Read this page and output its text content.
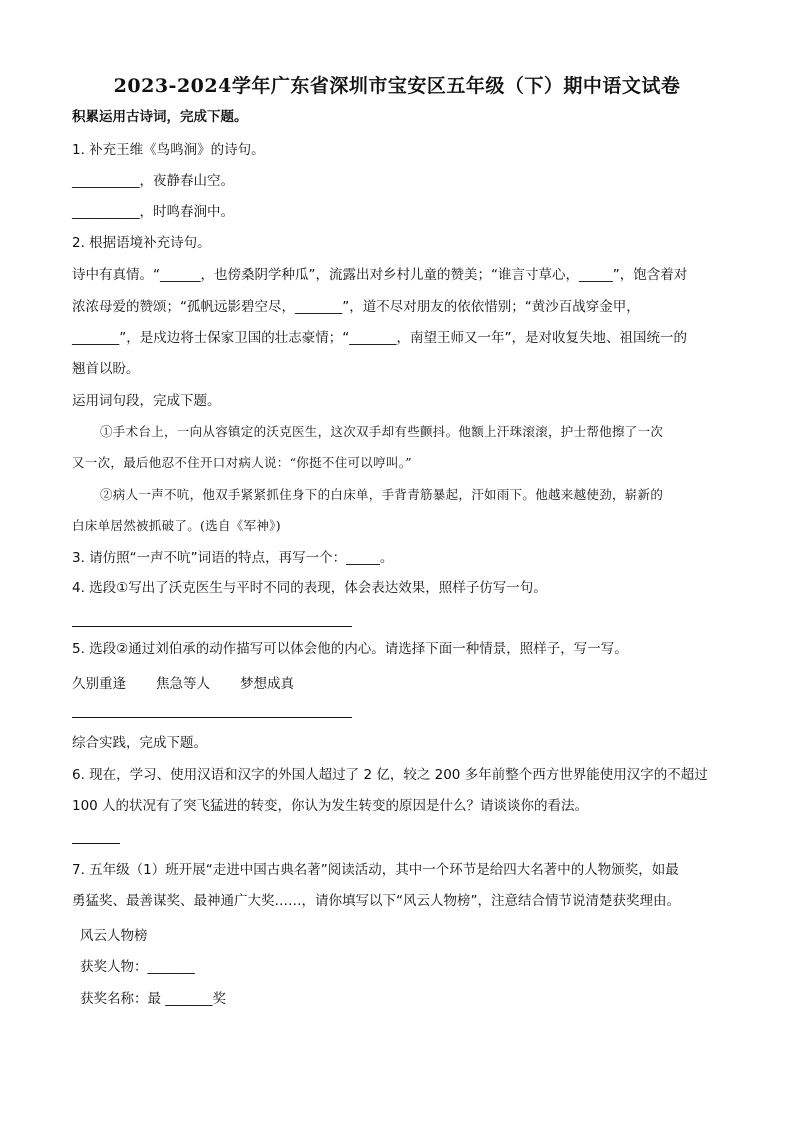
2023-2024学年广东省深圳市宝安区五年级（下）期中语文试卷
积累运用古诗词，完成下题。
1. 补充王维《鸟鸣涧》的诗句。
__________，夜静春山空。
__________，时鸣春涧中。
2. 根据语境补充诗句。
诗中有真情。“______，也傍桑阴学种瓜”，流露出对乡村儿童的赞美；“谁言寸草心，_____”，饱含着对
浓浓母爱的赞颂；“孤帆远影碧空尽，_______”，道不尽对朋友的依依惜别；“黄沙百战穿金甲，
_______”，是戍边将士保家卫国的壮志豪情；“_______，南望王师又一年”，是对收复失地、祖国统一的
翘首以盼。
运用词句段，完成下题。
①手术台上，一向从容镇定的沃克医生，这次双手却有些颤抖。他额上汗珠滚滚，护士帮他擦了一次
又一次，最后他忍不住开口对病人说：“你挺不住可以哼叫。”
②病人一声不吭，他双手紧紧抓住身下的白床单，手背青筋暴起，汗如雨下。他越来越使劲，崭新的
白床单居然被抓破了。(选自《军神》)
3. 请仿照“一声不吭”词语的特点，再写一个：_____。
4. 选段①写出了沃克医生与平时不同的表现，体会表达效果，照样子仿写一句。
5. 选段②通过刘伯承的动作描写可以体会他的内心。请选择下面一种情景，照样子，写一写。
久别重逢 焦急等人 梦想成真
综合实践，完成下题。
6. 现在，学习、使用汉语和汉字的外国人超过了 2 亿，较之 200 多年前整个西方世界能使用汉字的不超过
100 人的状况有了突飞猛进的转变，你认为发生转变的原因是什么？请谈谈你的看法。
7. 五年级（1）班开展“走进中国古典名著”阅读活动，其中一个环节是给四大名著中的人物颁奖，如最
勇猛奖、最善谋奖、最神通广大奖……，请你填写以下“风云人物榜”，注意结合情节说清楚获奖理由。
风云人物榜
获奖人物：_______
获奖名称：最 _______奖
